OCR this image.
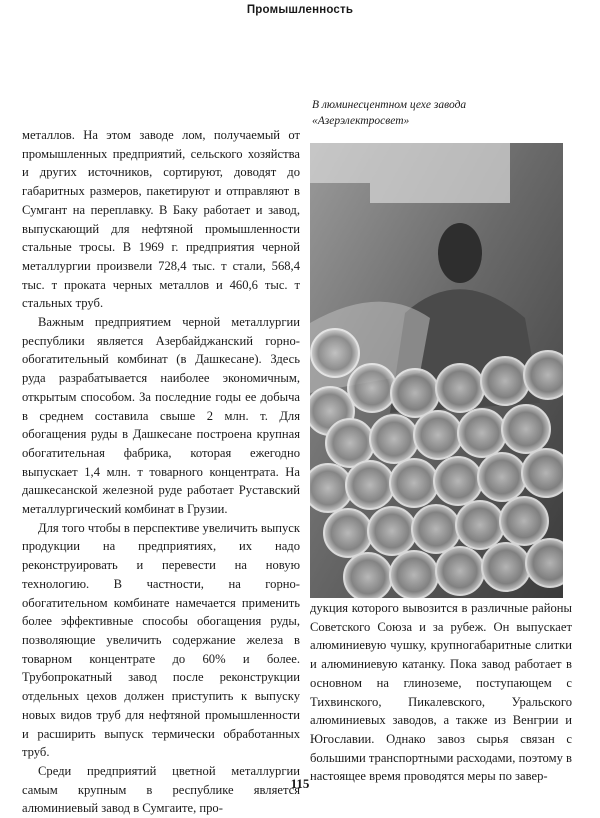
Промышленность

металлов. На этом заводе лом, получаемый от промышленных предприятий, сельского хозяйства и других источников, сортируют, доводят до габаритных размеров, пакетируют и отправляют в Сумгант на переплавку. В Баку работает и завод, выпускающий для нефтяной промышленности стальные тросы. В 1969 г. предприятия черной металлургии произвели 728,4 тыс. т стали, 568,4 тыс. т проката черных металлов и 460,6 тыс. т стальных труб.

Важным предприятием черной металлургии республики является Азербайджанский горно-обогатительный комбинат (в Дашкесане). Здесь руда разрабатывается наиболее экономичным, открытым способом. За последние годы ее добыча в среднем составила свыше 2 млн. т. Для обогащения руды в Дашкесане построена крупная обогатительная фабрика, которая ежегодно выпускает 1,4 млн. т товарного концентрата. На дашкесанской железной руде работает Руставский металлургический комбинат в Грузии.

Для того чтобы в перспективе увеличить выпуск продукции на предприятиях, их надо реконструировать и перевести на новую технологию. В частности, на горно-обогатительном комбинате намечается применить более эффективные способы обогащения руды, позволяющие увеличить содержание железа в товарном концентрате до 60% и более. Трубопрокатный завод после реконструкции отдельных цехов должен приступить к выпуску новых видов труб для нефтяной промышленности и расширить выпуск термически обработанных труб.

Среди предприятий цветной металлургии самым крупным в республике является алюминиевый завод в Сумгаите, про-

В люминесцентном цехе завода
«Азерэлектросвет»

дукция которого вывозится в различные районы Советского Союза и за рубеж. Он выпускает алюминиевую чушку, крупногабаритные слитки и алюминиевую катанку. Пока завод работает в основном на глиноземе, поступающем с Тихвинского, Пикалевского, Уральского алюминиевых заводов, а также из Венгрии и Югославии. Однако завоз сырья связан с большими транспортными расходами, поэтому в настоящее время проводятся меры по завер-

115
